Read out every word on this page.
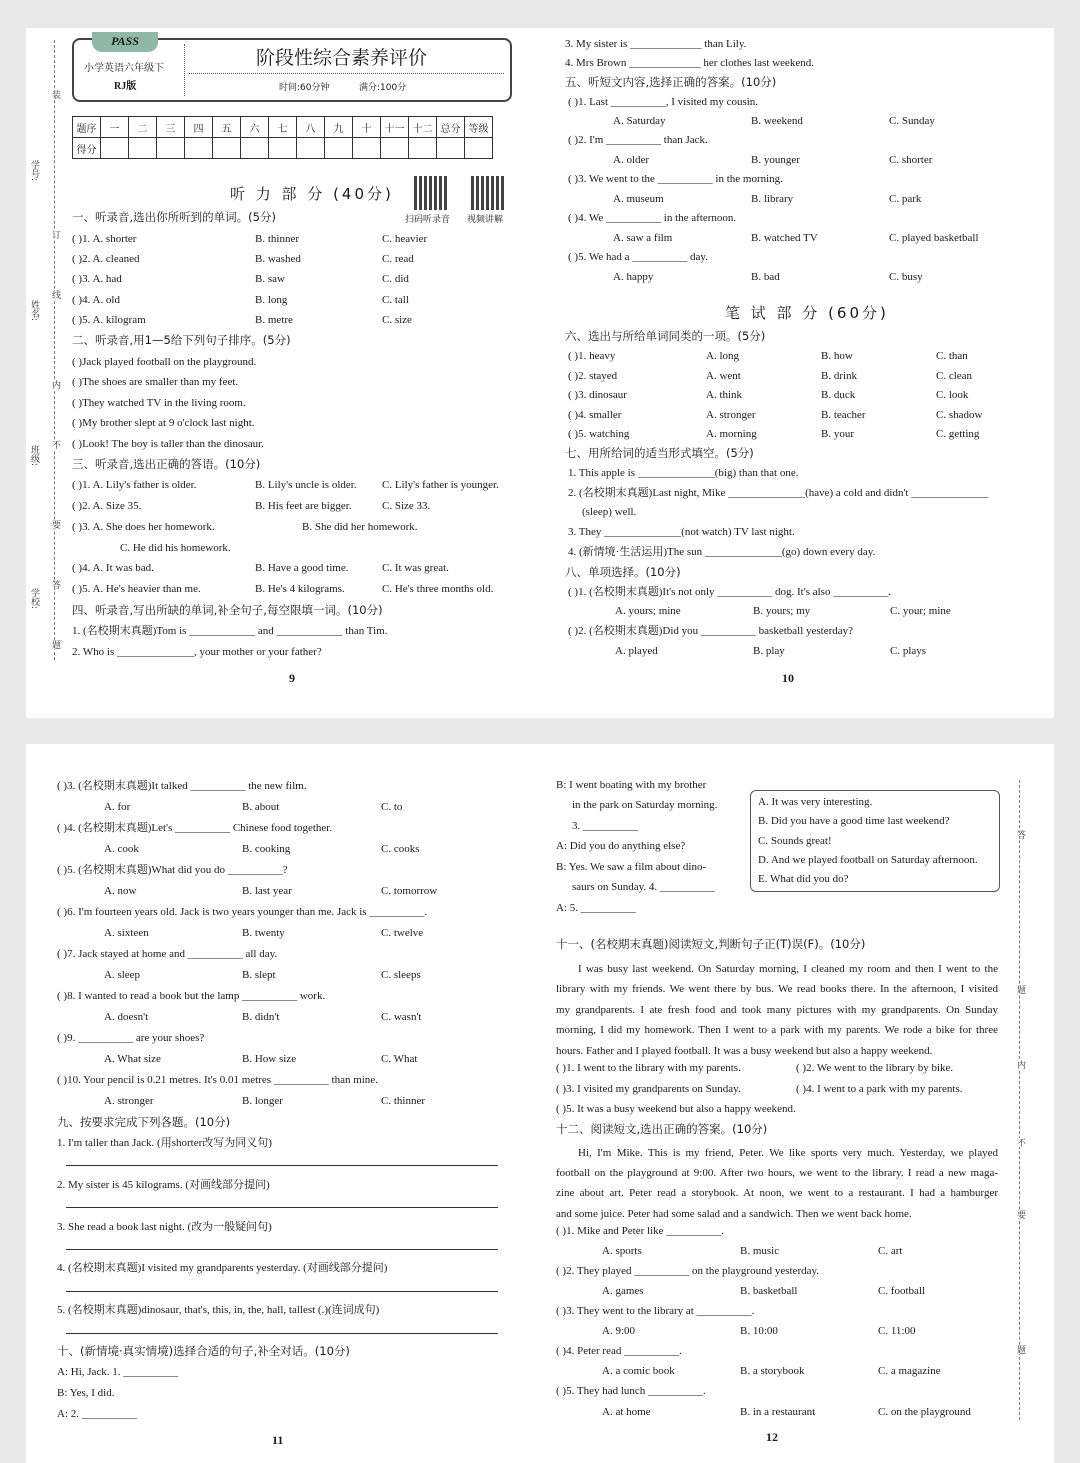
学号:
姓名:
班级:
学校:
装
订
线
内
不
要
答
题
答
题
内
不
要
题
PASS
小学英语六年级下
RJ版
阶段性综合素养评价
时间:60分钟	满分:100分
题序	一	二	三	四	五	六	七	八	九	十	十一	十二	总分	等级
得分														
听 力 部 分 (40分)
扫码听录音 视频讲解
笔 试 部 分 (60分)
一、听录音,选出你所听到的单词。(5分)
( )1. A. shorter	B. thinner	C. heavier
( )2. A. cleaned	B. washed	C. read
( )3. A. had	B. saw	C. did
( )4. A. old	B. long	C. tall
( )5. A. kilogram	B. metre	C. size
二、听录音,用1—5给下列句子排序。(5分)
( )Jack played football on the playground.
( )The shoes are smaller than my feet.
( )They watched TV in the living room.
( )My brother slept at 9 o'clock last night.
( )Look! The boy is taller than the dinosaur.
三、听录音,选出正确的答语。(10分)
( )1. A. Lily's father is older.	B. Lily's uncle is older. C. Lily's father is younger.
( )2. A. Size 35.	B. His feet are bigger.	C. Size 33.
( )3. A. She does her homework.	B. She did her homework.
C. He did his homework.
( )4. A. It was bad.	B. Have a good time.	C. It was great.
( )5. A. He's heavier than me.	B. He's 4 kilograms.	C. He's three months old.
四、听录音,写出所缺的单词,补全句子,每空限填一词。(10分)
1. (名校期末真题)Tom is ____________ and ____________ than Tim.
2. Who is ______________, your mother or your father?
3. My sister is _____________ than Lily.
4. Mrs Brown _____________ her clothes last weekend.
五、听短文内容,选择正确的答案。(10分)
( )1. Last __________, I visited my cousin.
A. Saturday	B. weekend	C. Sunday
( )2. I'm __________ than Jack.
A. older	B. younger	C. shorter
( )3. We went to the __________ in the morning.
A. museum	B. library	C. park
( )4. We __________ in the afternoon.
A. saw a film	B. watched TV	C. played basketball
( )5. We had a __________ day.
A. happy	B. bad	C. busy
六、选出与所给单词同类的一项。(5分)
( )1. heavy	A. long	B. how	C. than
( )2. stayed	A. went	B. drink	C. clean
( )3. dinosaur	A. think	B. duck	C. look
( )4. smaller	A. stronger	B. teacher	C. shadow
( )5. watching	A. morning	B. your	C. getting
七、用所给词的适当形式填空。(5分)
1. This apple is ______________(big) than that one.
2. (名校期末真题)Last night, Mike ______________(have) a cold and didn't ______________
(sleep) well.
3. They ______________(not watch) TV last night.
4. (新情境·生活运用)The sun ______________(go) down every day.
八、单项选择。(10分)
( )1. (名校期末真题)It's not only __________ dog. It's also __________.
A. yours; mine	B. yours; my	C. your; mine
( )2. (名校期末真题)Did you __________ basketball yesterday?
A. played	B. play	C. plays
( )3. (名校期末真题)It talked __________ the new film.
A. for	B. about	C. to
( )4. (名校期末真题)Let's __________ Chinese food together.
A. cook	B. cooking	C. cooks
( )5. (名校期末真题)What did you do __________?
A. now	B. last year	C. tomorrow
( )6. I'm fourteen years old. Jack is two years younger than me. Jack is __________.
A. sixteen	B. twenty	C. twelve
( )7. Jack stayed at home and __________ all day.
A. sleep	B. slept	C. sleeps
( )8. I wanted to read a book but the lamp __________ work.
A. doesn't	B. didn't	C. wasn't
( )9. __________ are your shoes?
A. What size	B. How size	C. What
( )10. Your pencil is 0.21 metres. It's 0.01 metres __________ than mine.
A. stronger	B. longer	C. thinner
九、按要求完成下列各题。(10分)
1. I'm taller than Jack. (用shorter改写为同义句)
2. My sister is 45 kilograms. (对画线部分提问)
3. She read a book last night. (改为一般疑问句)
4. (名校期末真题)I visited my grandparents yesterday. (对画线部分提问)
5. (名校期末真题)dinosaur, that's, this, in, the, hall, tallest (.)(连词成句)
十、(新情境·真实情境)选择合适的句子,补全对话。(10分)
A: Hi, Jack. 1. __________
B: Yes, I did.
A: 2. __________
B: I went boating with my brother
in the park on Saturday morning.
3. __________
A: Did you do anything else?
B: Yes. We saw a film about dino-
saurs on Sunday. 4. __________
A: 5. __________
十一、(名校期末真题)阅读短文,判断句子正(T)误(F)。(10分)
( )1. I went to the library with my parents.	( )2. We went to the library by bike.
( )3. I visited my grandparents on Sunday.	( )4. I went to a park with my parents.
( )5. It was a busy weekend but also a happy weekend.
十二、阅读短文,选出正确的答案。(10分)
( )1. Mike and Peter like __________.
A. sports	B. music	C. art
( )2. They played __________ on the playground yesterday.
A. games	B. basketball	C. football
( )3. They went to the library at __________.
A. 9:00	B. 10:00	C. 11:00
( )4. Peter read __________.
A. a comic book	B. a storybook	C. a magazine
( )5. They had lunch __________.
A. at home	B. in a restaurant	C. on the playground
A. It was very interesting.
B. Did you have a good time last weekend?
C. Sounds great!
D. And we played football on Saturday afternoon.
E. What did you do?
I was busy last weekend. On Saturday morning, I cleaned my room and then I went to the
library with my friends. We went there by bus. We read books there. In the afternoon, I visited
my grandparents. I ate fresh food and took many pictures with my grandparents. On Sunday
morning, I did my homework. Then I went to a park with my parents. We rode a bike for three
hours. Father and I played football. It was a busy weekend but also a happy weekend.
Hi, I'm Mike. This is my friend, Peter. We like sports very much. Yesterday, we played
football on the playground at 9:00. After two hours, we went to the library. I read a new maga-
zine about art. Peter read a storybook. At noon, we went to a restaurant. I had a hamburger
and some juice. Peter had some salad and a sandwich. Then we went back home.
9	10
11	12
